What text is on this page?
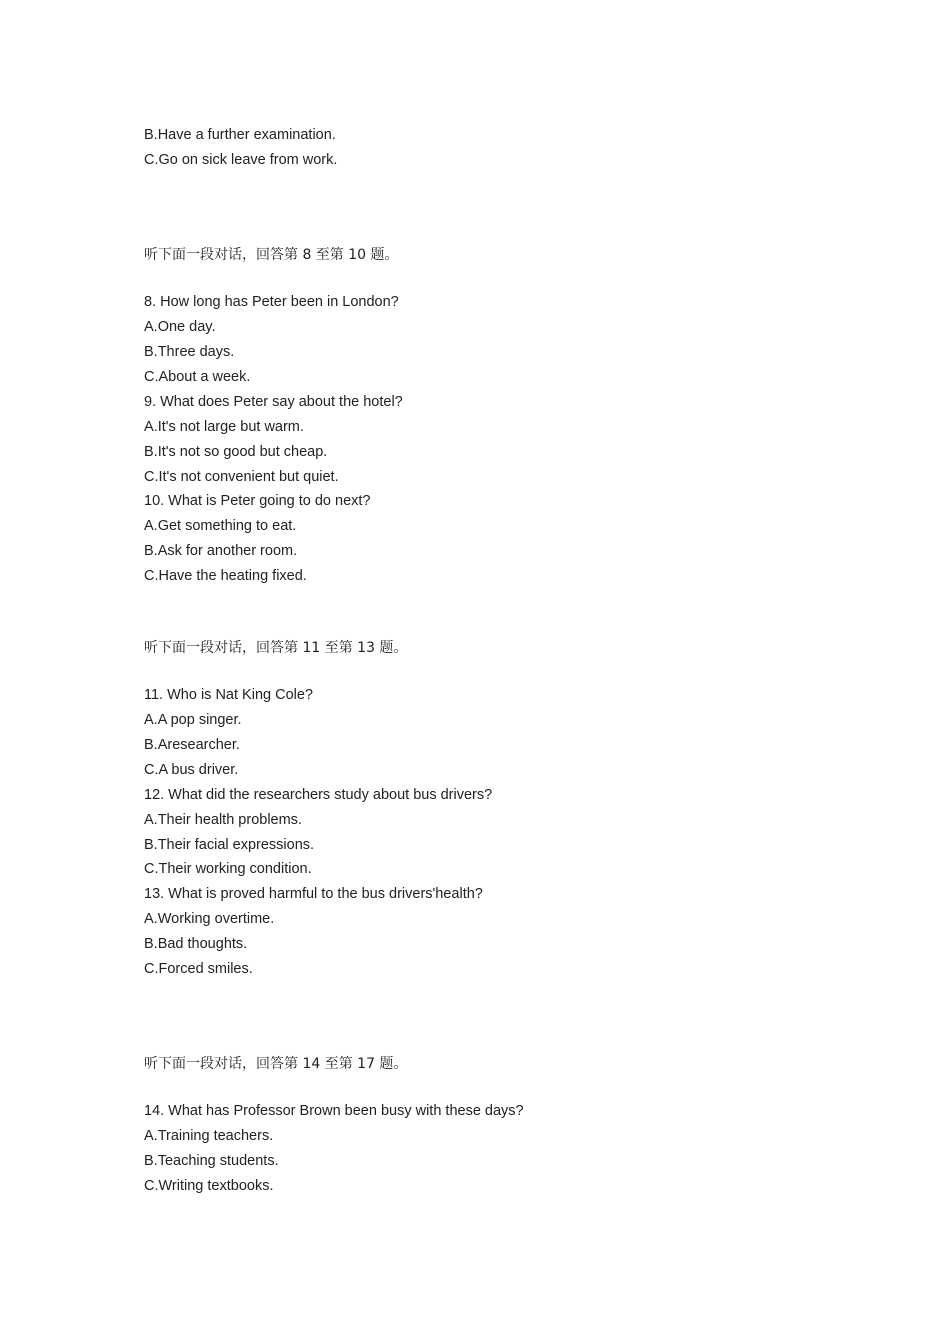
B.Have a further examination.
C.Go on sick leave from work.
听下面一段对话，回答第 8 至第 10 题。
8. How long has Peter been in London?
A.One day.
B.Three days.
C.About a week.
9. What does Peter say about the hotel?
A.It's not large but warm.
B.It's not so good but cheap.
C.It's not convenient but quiet.
10. What is Peter going to do next?
A.Get something to eat.
B.Ask for another room.
C.Have the heating fixed.
听下面一段对话，回答第 11 至第 13 题。
11. Who is Nat King Cole?
A.A pop singer.
B.Aresearcher.
C.A bus driver.
12. What did the researchers study about bus drivers?
A.Their health problems.
B.Their facial expressions.
C.Their working condition.
13. What is proved harmful to the bus drivers'health?
A.Working overtime.
B.Bad thoughts.
C.Forced smiles.
听下面一段对话，回答第 14 至第 17 题。
14. What has Professor Brown been busy with these days?
A.Training teachers.
B.Teaching students.
C.Writing textbooks.
